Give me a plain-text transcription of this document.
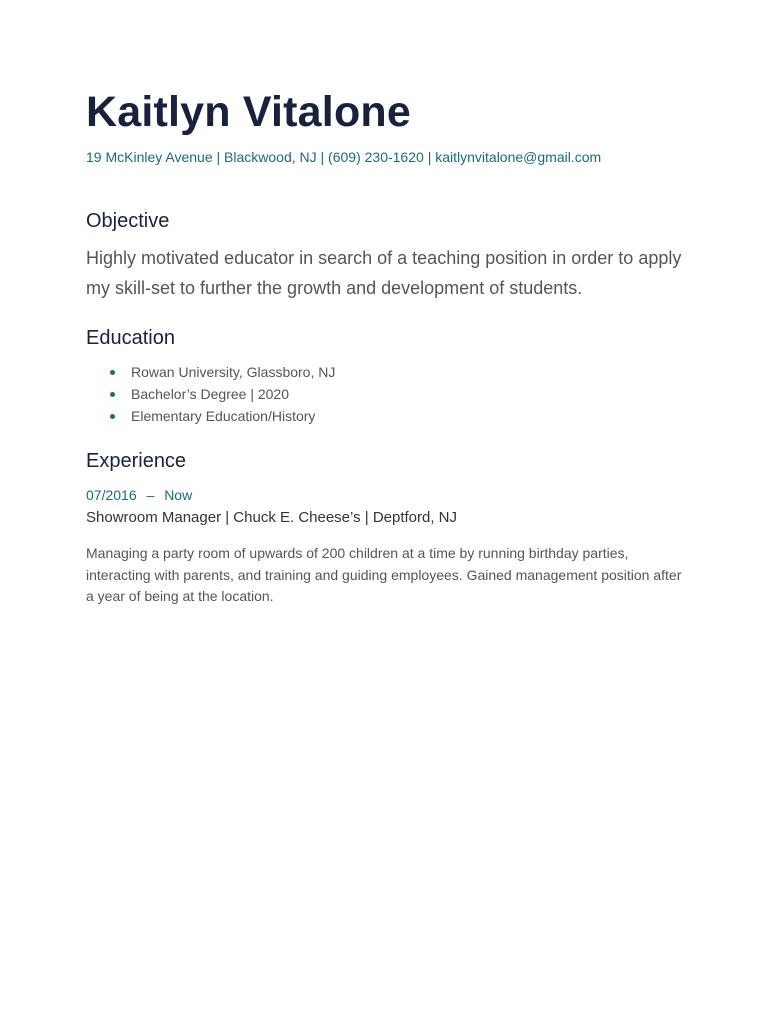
Kaitlyn Vitalone
19 McKinley Avenue | Blackwood, NJ | (609) 230-1620 | kaitlynvitalone@gmail.com
Objective

Highly motivated educator in search of a teaching position in order to apply my skill-set to further the growth and development of students.

Education
Rowan University, Glassboro, NJ
Bachelor’s Degree | 2020
Elementary Education/History
Experience
07/2016 – Now
Showroom Manager | Chuck E. Cheese’s | Deptford, NJ

Managing a party room of upwards of 200 children at a time by running birthday parties, interacting with parents, and training and guiding employees. Gained management position after a year of being at the location.
